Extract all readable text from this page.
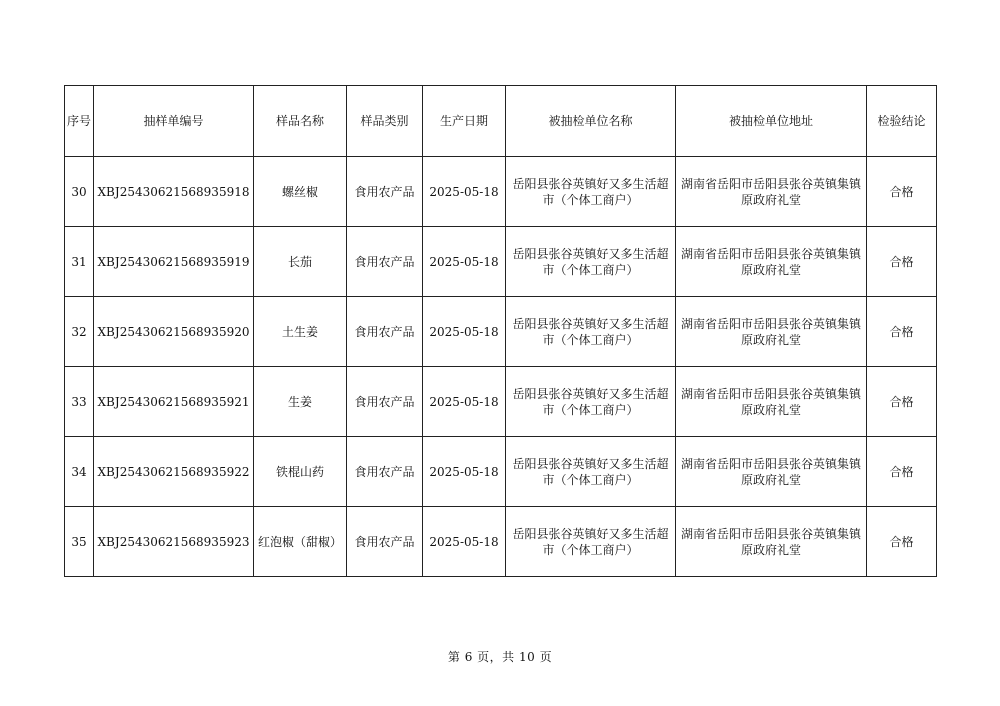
序号	抽样单编号	样品名称	样品类别	生产日期	被抽检单位名称	被抽检单位地址	检验结论
30	XBJ25430621568935918	螺丝椒	食用农产品	2025-05-18	岳阳县张谷英镇好又多生活超市（个体工商户）	湖南省岳阳市岳阳县张谷英镇集镇原政府礼堂	合格
31	XBJ25430621568935919	长茄	食用农产品	2025-05-18	岳阳县张谷英镇好又多生活超市（个体工商户）	湖南省岳阳市岳阳县张谷英镇集镇原政府礼堂	合格
32	XBJ25430621568935920	土生姜	食用农产品	2025-05-18	岳阳县张谷英镇好又多生活超市（个体工商户）	湖南省岳阳市岳阳县张谷英镇集镇原政府礼堂	合格
33	XBJ25430621568935921	生姜	食用农产品	2025-05-18	岳阳县张谷英镇好又多生活超市（个体工商户）	湖南省岳阳市岳阳县张谷英镇集镇原政府礼堂	合格
34	XBJ25430621568935922	铁棍山药	食用农产品	2025-05-18	岳阳县张谷英镇好又多生活超市（个体工商户）	湖南省岳阳市岳阳县张谷英镇集镇原政府礼堂	合格
35	XBJ25430621568935923	红泡椒（甜椒）	食用农产品	2025-05-18	岳阳县张谷英镇好又多生活超市（个体工商户）	湖南省岳阳市岳阳县张谷英镇集镇原政府礼堂	合格
第 6 页，共 10 页
